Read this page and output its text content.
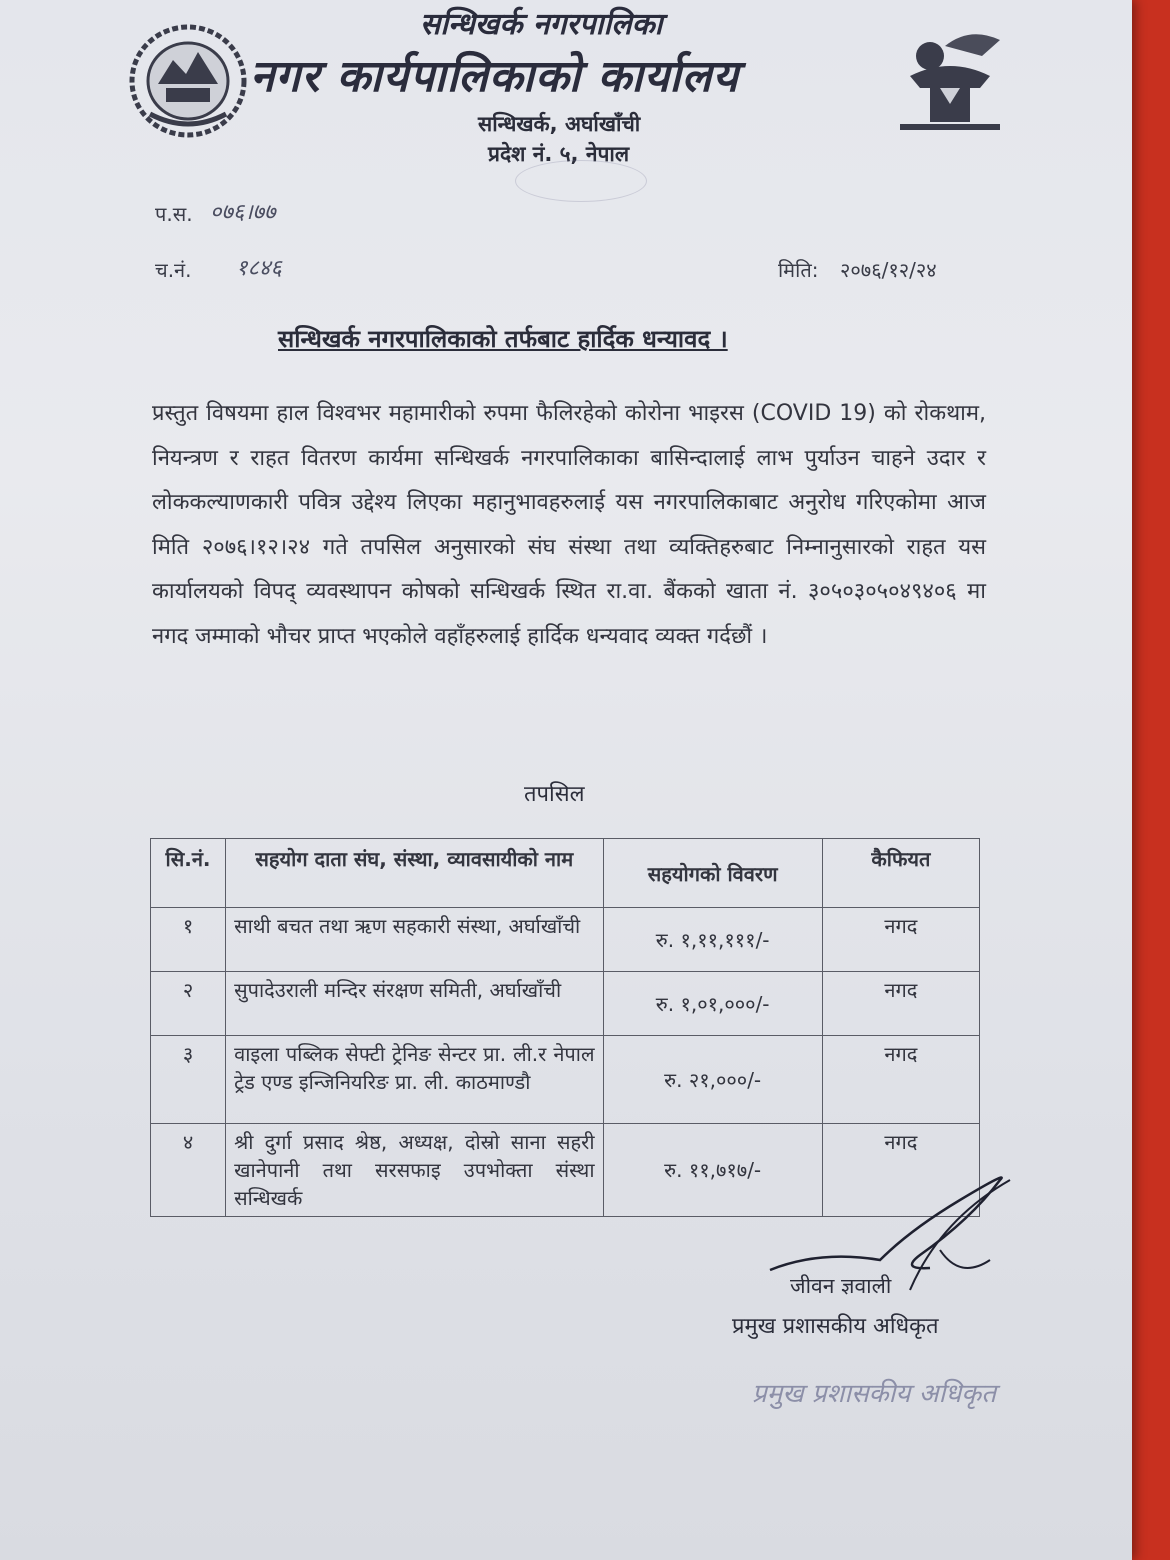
सन्धिखर्क नगरपालिका
नगर कार्यपालिकाको कार्यालय
सन्धिखर्क, अर्घाखाँची
प्रदेश नं. ५, नेपाल
प.स. ०७६।७७
च.नं. १८४६	मिति: २०७६/१२/२४
सन्धिखर्क नगरपालिकाको तर्फबाट हार्दिक धन्यावद ।
प्रस्तुत विषयमा हाल विश्वभर महामारीको रुपमा फैलिरहेको कोरोना भाइरस (COVID 19) को रोकथाम, नियन्त्रण र राहत वितरण कार्यमा सन्धिखर्क नगरपालिकाका बासिन्दालाई लाभ पुर्याउन चाहने उदार र लोककल्याणकारी पवित्र उद्देश्य लिएका महानुभावहरुलाई यस नगरपालिकाबाट अनुरोध गरिएकोमा आज मिति २०७६।१२।२४ गते तपसिल अनुसारको संघ संस्था तथा व्यक्तिहरुबाट निम्नानुसारको राहत यस कार्यालयको विपद् व्यवस्थापन कोषको सन्धिखर्क स्थित रा.वा. बैंकको खाता नं. ३०५०३०५०४९४०६ मा नगद जम्माको भौचर प्राप्त भएकोले वहाँहरुलाई हार्दिक धन्यवाद व्यक्त गर्दछौं ।
तपसिल
सि.नं.	सहयोग दाता संघ, संस्था, व्यावसायीको नाम	सहयोगको विवरण	कैफियत
१	साथी बचत तथा ऋण सहकारी संस्था, अर्घाखाँची	रु. १,११,१११/-	नगद
२	सुपादेउराली मन्दिर संरक्षण समिती, अर्घाखाँची	रु. १,०१,०००/-	नगद
३	वाइला पब्लिक सेफ्टी ट्रेनिङ सेन्टर प्रा. ली.र नेपाल ट्रेड एण्ड इन्जिनियरिङ प्रा. ली. काठमाण्डौ	रु. २१,०००/-	नगद
४	श्री दुर्गा प्रसाद श्रेष्ठ, अध्यक्ष, दोस्रो साना सहरी खानेपानी तथा सरसफाइ उपभोक्ता संस्था सन्धिखर्क	रु. ११,७१७/-	नगद
जीवन ज्ञवाली
प्रमुख प्रशासकीय अधिकृत
प्रमुख प्रशासकीय अधिकृत
